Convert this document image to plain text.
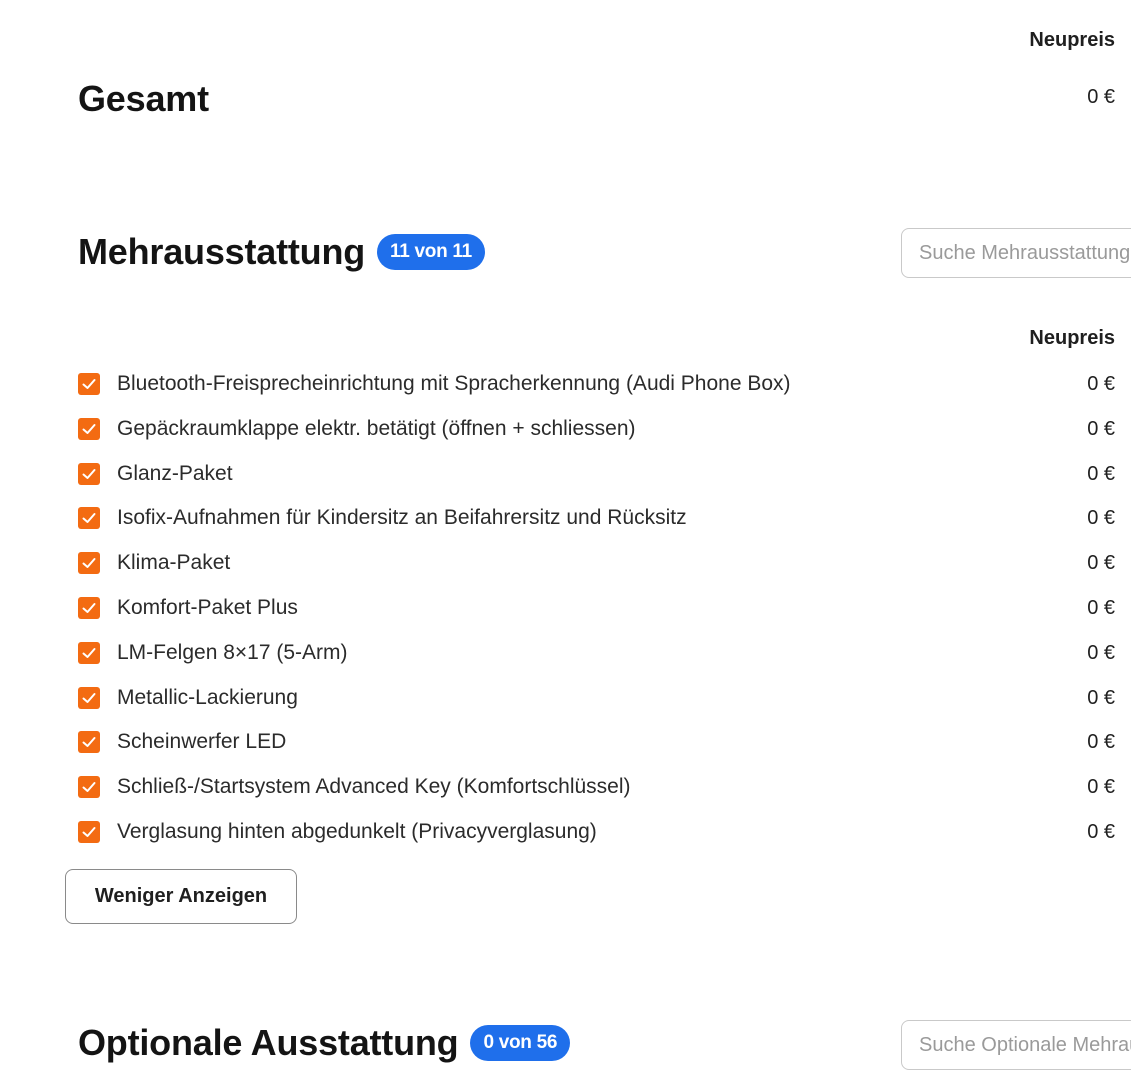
Neupreis
Gesamt	0 €
Mehrausstattung	11 von 11
Suche Mehrausstattung
Neupreis
Bluetooth-Freisprecheinrichtung mit Spracherkennung (Audi Phone Box)	0 €
Gepäckraumklappe elektr. betätigt (öffnen + schliessen)	0 €
Glanz-Paket	0 €
Isofix-Aufnahmen für Kindersitz an Beifahrersitz und Rücksitz	0 €
Klima-Paket	0 €
Komfort-Paket Plus	0 €
LM-Felgen 8×17 (5-Arm)	0 €
Metallic-Lackierung	0 €
Scheinwerfer LED	0 €
Schließ-/Startsystem Advanced Key (Komfortschlüssel)	0 €
Verglasung hinten abgedunkelt (Privacyverglasung)	0 €
Weniger Anzeigen
Optionale Ausstattung	0 von 56
Suche Optionale Mehrausstattung
